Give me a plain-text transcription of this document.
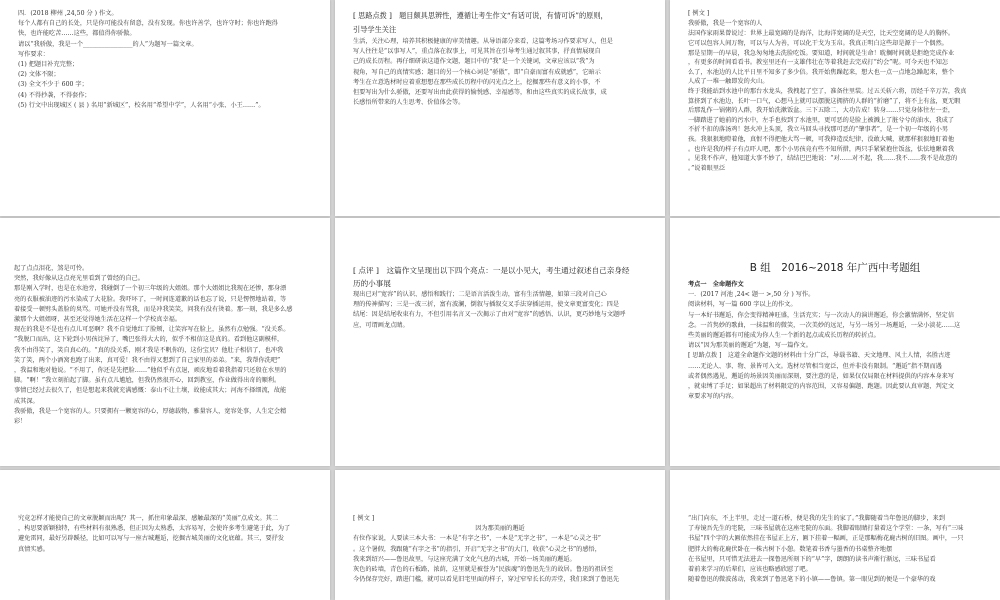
四．(2018 柳州 ,24,50 分 ) 作文。
每个人都有自己的长处，只是你可能没有留意，没有发现。你也许善学，也许守时；你也许跑得
快，也许能吃苦……这些，都值得你骄傲。
请以“我骄傲，我是一个________________的人”为题写一篇文章。
写作要求：
(1) 把题目补充完整；
(2) 文体不限；
(3) 全文不少于 600 字；
(4) 不得抄袭，不得套作；
(5) 行文中出现城区 ( 县 ) 名用“新城区”，校名用“希望中学”，人名用“小张、小王……”。
[ 思路点拨 ]　题目颇具思辨性，遵循让考生作文“有话可说，有情可诉”的原则，
引导学生关注
生活，关注心理，培养其积极健康的审美情趣。从导语部分来看，这篇考场习作要求写人，但是
写人往往是“以事写人”，重点落在叙事上，可见其旨在引导考生通过叙其事，抒真情展现自
己的成长历程。再仔细研读这道作文题，题目中的“我”是一个关键词，文章应该以“我”为
视角，写自己的真情实感；题目的另一个核心词是“骄傲”，即“自豪而富有成就感”，它暗示
考生在立意选材时应着重想想在那些成长历程中的闪光点之上，挖掘那些有意义的小事，不
但要写出为什么骄傲，还要写出由此获得的愉悦感、幸福感等，和由这些真实的成长故事，成
长感悟所带来的人生思考、价值体会等。
[ 例文 ]
我骄傲，我是一个宽容的人
法国作家雨果曾说过：世界上最宽阔的是海洋，比海洋宽阔的是天空，比天空宽阔的是人的胸怀。
它可以包容人间万物，可以与人为善，可以化干戈为玉帛。我真正明白这些却是源于一个偶然。
那是星期一的早晨，我急匆匆地去洗脸吃饭。要知道，时间就是生命！耽搁时间就是拒绝完成作业
，有更多的时间看看书。教室里还有一支雄伟壮在等着我赶去完成打“约会”呢。可今天也不知怎
么了，水池边的人比平日里不知多了多少倍。我开始焦躁起来，想大也一点一点地急躁起来，整个
人成了一堆一触即发的火山。
终于我能站到水池中的那台水龙头，我拽起了空了，准备往里装。过五关斩六将，历经千辛万苦，我真
算挤到了水池边，长叶一口气，心想马上就可以摆脱这拥挤的人群的“折磨”了，将不上有盆，更无暇
后那乱作一锅粥的人群，我开始洗漱饭盆。三下五除二，大功告成！转身……只觉身体往左一歪，
一脚踏进了她前的污水中，左手也按到了水池里，更可恶的是脸上被溅上了脏兮兮的油水，我成了
不折不扣的落汤鸡！怒火冲上头顶，我立马回头寻找那可恶的“肇事者”，是一个初一年级的小男
孩。我狠狠地瞪着他，真恨不得把他大骂一顿，可我抑造反纪律，没敢大喊，就那样狠狠地盯着他
。也许是我的样子有点吓人吧，那个小男孩竟有些不知所措，两只手紧紧抱住饭盆，怯怯地瞅着我
。见我不作声，他知道大事不妙了，结结巴巴地说：“对……对不起，我……我不……我不是故意的
。”说着眼里泛
起了点点泪花，煞是可怜。
突然，我好像从这点亮光里看到了曾经的自己。
那是刚入学时，也是在水池旁，我碰倒了一个初三年级的大姐姐。那个大姐姐比我现在还惨，那身漂
亮的衣服被油迹的污水染成了大花脸。我吓坏了，一时间连道歉的话也忘了说，只是愣愣地站着，等
着接受一顿劈头盖脸的臭骂。可她并没有骂我，而是冲我笑笑，问我有没有烫着。那一刻，我是多么感
激那个大姐姐呀，甚至还觉得她生活在这样一个学校真幸福。
现在的我是不是也有点儿可恶啊？我不自觉地红了脸颊，让笑容写在脸上，虽然有点勉强。“没关系。
”我脱口而出，这下轮到小男孩诧异了，嘴巴张得大大的，似乎不相信这是真的。看到他这副模样，
我不由得笑了，笑自真心的。“真的没关系，刚才我是不帆你的，这份宝贝？他肚子相信了，也冲我
笑了笑，两个小酒窝也跑了出来，真可爱！我不由得又想到了自己家里的弟弟。“来，我帮你洗吧”
，我温和地对他说。“不用了，你还是先把脸……”他似乎有点退，顽皮地看着我指着只还殷在水里的
脚。“啊！”我立刻拍起了脚。虽有点儿尴尬，但我仍然很开心，回到教室，作业做得出奇的顺利。
事情已经过去很久了，但是想起来我就充满感慨：泰山不让土壤，故能成其大；河海不择细流，故能
成其深。
我骄傲，我是一个宽容的人。只要拥有一颗宽容的心，厚德载物，雅量容人，宽容处事，人生定会精
彩！
[ 点评 ]　这篇作文呈现出以下四个亮点：一是以小见大，考生通过叙述自己亲身经
历的小事展
现出已对“宽容”的认识、感悟和践行；二是语言活泼生动，富有生活情趣，如第三段对自己心
理的传神描写；三是一波三折，富有波澜，倒叙与插叙交叉手法穿插运用，使文章更富变化；四是
结尾：因是结尾收束有力，不但引用名言又一次揭示了由对“宽容”的感悟、认识，更巧妙地与文题呼
应，可谓画龙点睛。
B 组　2016~2018 年广西中考题组
考点一　全命题作文
一．(2017 河池 ,24< 题一 >,50 分 ) 写作。
阅读材料，写一篇 600 字以上的作文。
与一本好书邂逅，你会变得精神旺盛，生活充实；与一次动人的演讲邂逅，你会激情满怀，坚定信
念。一首隽妙的歌曲，一抹温和的微笑，一次美妙的远足，与另一场另一场邂逅，一朵小淡花……这
些美丽的邂逅都有可能成为你人生一个新的起点或成长历程的转折点。
请以“因为那美丽的邂逅”为题，写一篇作文。
[ 思路点拨 ]　这道全命题作文题的材料由十分广泛，导载书籍、天文地理、风土人情，名胜古迹
……无论人、事、物、景皆可入文。选材尽管相当宽泛，但并非没有限制。“邂逅”指不期而遇
或者偶然遇见，邂逅的场景因美丽而深刻，要注意的是，如果仅仅局限在材料提供的内容本身来写
，就束缚了手足；如果超出了材料限定的内容范围，又容易偏题、跑题。因此要认真审题，判定文
章要求写的内容。
究竟怎样才能使自己的文章脱颖而出呢？其一，抓住印象最深、感触最深的“美丽”点成文。其二
，构思要新颖独特，有些材料有很熟悉，但正因为太熟悉，太容易写，会使许多考生避笔于此，为了
避免雷同，最好另辟蹊径，比如可以写与一座古城邂逅，挖掘古城美丽的文化底蕴。其三，要抒发
真情实感。
[ 例文 ]
因为那美丽的邂逅
有位作家说，人要读三本大书：一本是“有字之书”，一本是“无字之书”，一本是“心灵之书”
。这个暑假，我跟随“有字之书”的指引，开启“无字之书”的大门，收获“心灵之书”的感悟，
我来到绍兴——鲁迅故里，与这座充满了文化气息的古城，开始一场美丽的邂逅。
灰色的砖墙，青色的石板路，浓荫，这里就是被誉为“民族魂”的鲁迅先生的故居。鲁迅的祖居至
今仍保存完好，踏进门槛，就可以看见旧宅里面的样子，穿过窄窄长长的弄堂，我们来到了鲁迅先
“出门向东，不上半里，走过一道石桥，便是我的先生的家了。”我脚随着当年鲁迅的脚步，来到
了寿镜吾先生的宅院，三味书屋就在这座宅院的东面。我脚着眼睛打量着这个学堂：一条，写有“三味
书屋”四个字的大匾依然挂在书屋正上方，匾下挂着一幅画，正是那幅梅花鹿古树的旧图。画中，一只
肥胖大的梅花鹿伏卧在一株古树下小憩。数笔着书香与墨香的书桌整齐地摆
在书屋里，只可惜无法进去一探鲁迅所刻下的“早”字，朗朗的读书声渐行渐远，三味书屋看
着前来学习的后辈们，应该也略感欣慰了吧。
随着鲁迅的微波荡动，我来到了鲁迅笔下的小镇——鲁镇。第一眼见到的便是一个豪华的戏
